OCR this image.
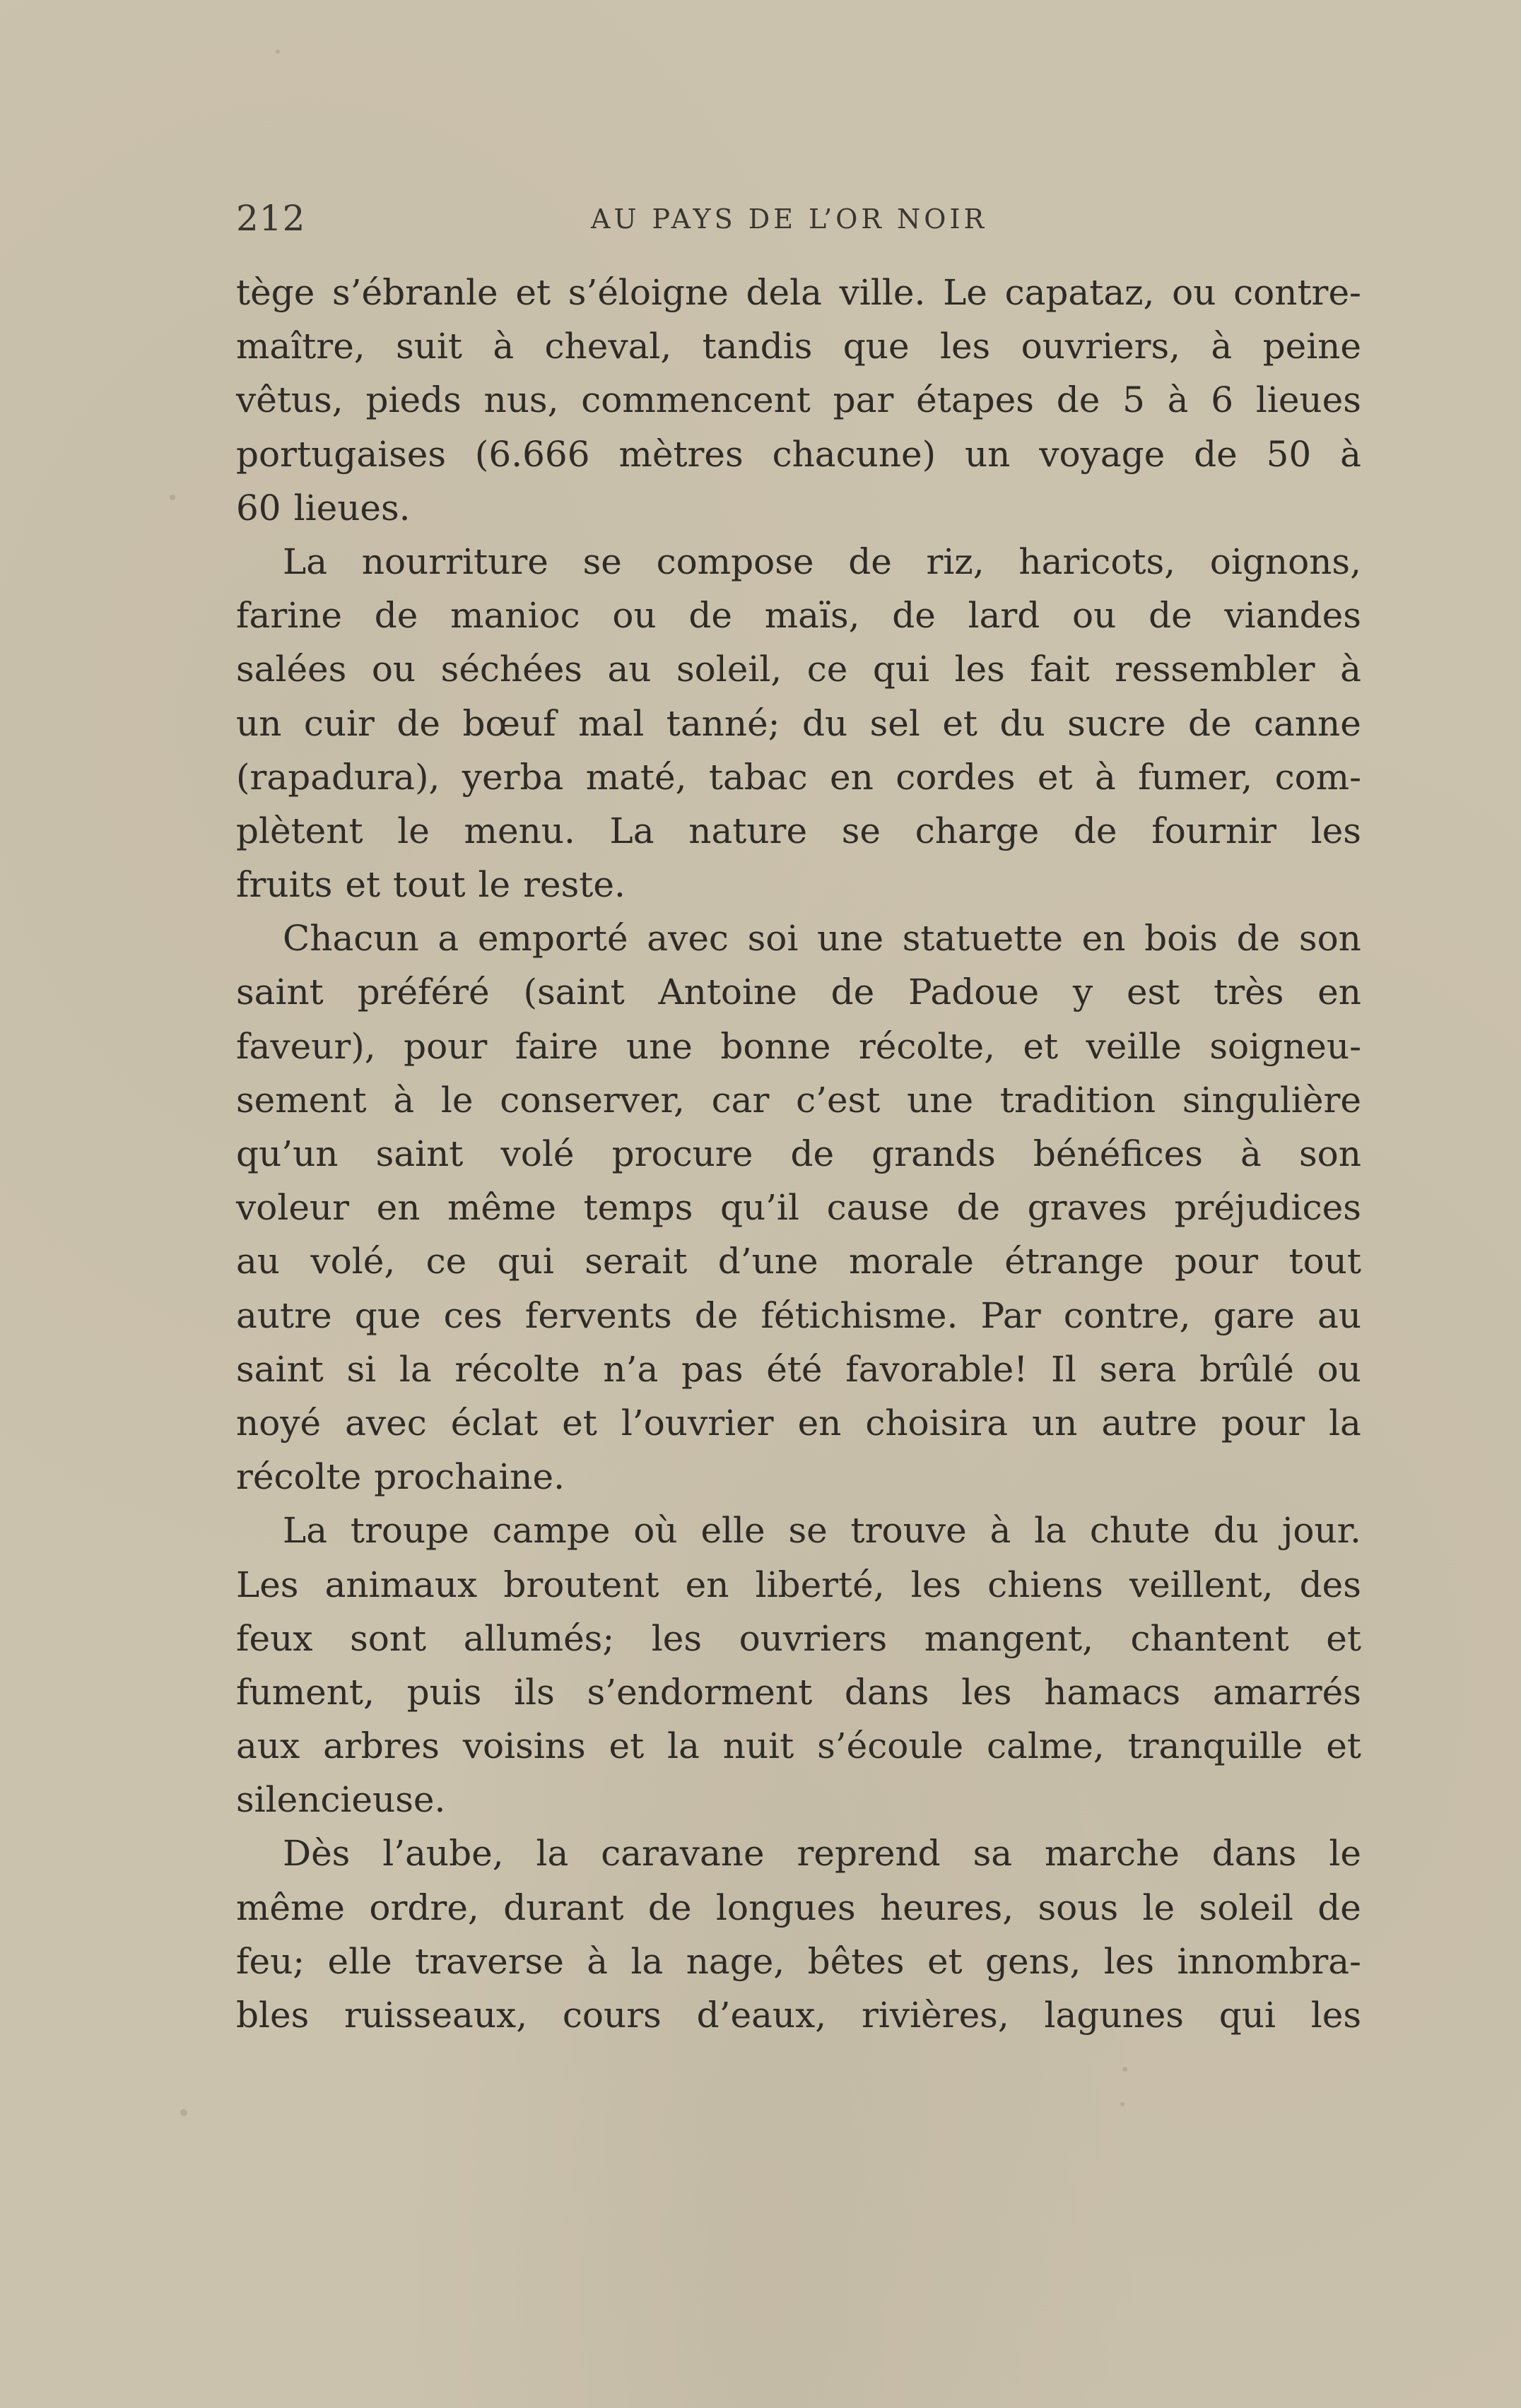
212	AU PAYS DE L’OR NOIR
tège s’ébranle et s’éloigne dela ville. Le capataz, ou contre-
maître, suit à cheval, tandis que les ouvriers, à peine
vêtus, pieds nus, commencent par étapes de 5 à 6 lieues
portugaises (6.666 mètres chacune) un voyage de 50 à
60 lieues.
La nourriture se compose de riz, haricots, oignons,
farine de manioc ou de maïs, de lard ou de viandes
salées ou séchées au soleil, ce qui les fait ressembler à
un cuir de bœuf mal tanné; du sel et du sucre de canne
(rapadura), yerba maté, tabac en cordes et à fumer, com-
plètent le menu. La nature se charge de fournir les
fruits et tout le reste.
Chacun a emporté avec soi une statuette en bois de son
saint préféré (saint Antoine de Padoue y est très en
faveur), pour faire une bonne récolte, et veille soigneu-
sement à le conserver, car c’est une tradition singulière
qu’un saint volé procure de grands bénéfices à son
voleur en même temps qu’il cause de graves préjudices
au volé, ce qui serait d’une morale étrange pour tout
autre que ces fervents de fétichisme. Par contre, gare au
saint si la récolte n’a pas été favorable! Il sera brûlé ou
noyé avec éclat et l’ouvrier en choisira un autre pour la
récolte prochaine.
La troupe campe où elle se trouve à la chute du jour.
Les animaux broutent en liberté, les chiens veillent, des
feux sont allumés; les ouvriers mangent, chantent et
fument, puis ils s’endorment dans les hamacs amarrés
aux arbres voisins et la nuit s’écoule calme, tranquille et
silencieuse.
Dès l’aube, la caravane reprend sa marche dans le
même ordre, durant de longues heures, sous le soleil de
feu; elle traverse à la nage, bêtes et gens, les innombra-
bles ruisseaux, cours d’eaux, rivières, lagunes qui les
